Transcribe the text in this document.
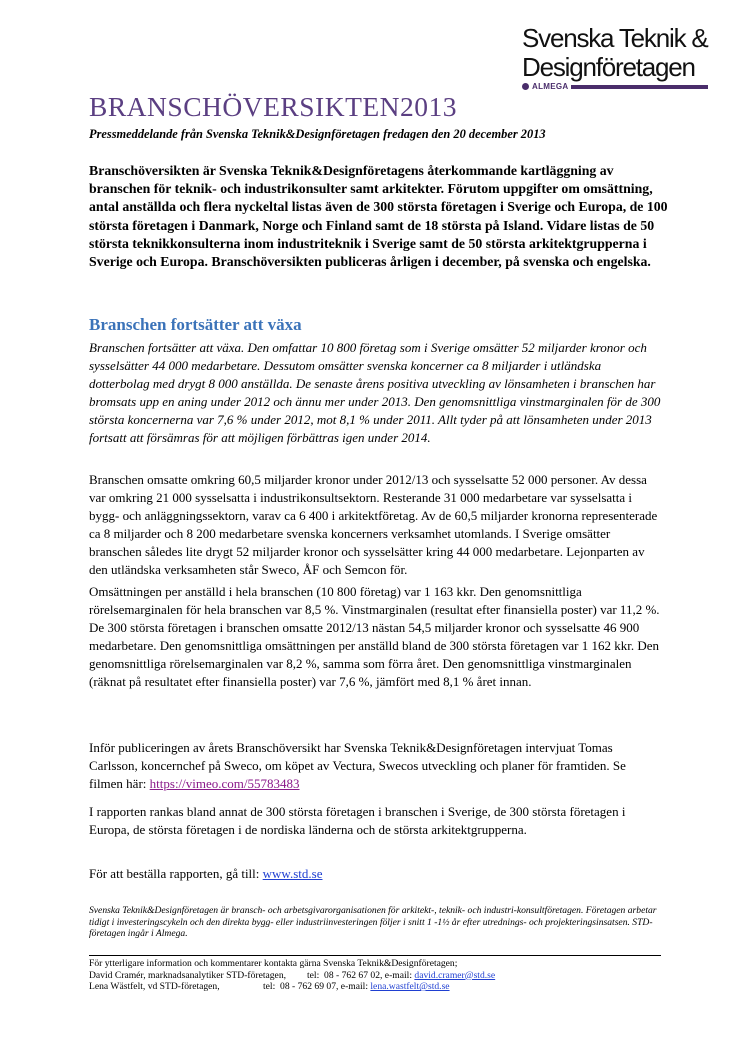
Svenska Teknik &
Designföretagen
ALMEGA
BRANSCHÖVERSIKTEN2013
Pressmeddelande från Svenska Teknik&Designföretagen fredagen den 20 december 2013
Branschöversikten är Svenska Teknik&Designföretagens återkommande kartläggning av branschen för teknik- och industrikonsulter samt arkitekter. Förutom uppgifter om omsättning, antal anställda och flera nyckeltal listas även de 300 största företagen i Sverige och Europa, de 100 största företagen i Danmark, Norge och Finland samt de 18 största på Island. Vidare listas de 50 största teknikkonsulterna inom industriteknik i Sverige samt de 50 största arkitektgrupperna i Sverige och Europa. Branschöversikten publiceras årligen i december, på svenska och engelska.
Branschen fortsätter att växa
Branschen fortsätter att växa. Den omfattar 10 800 företag som i Sverige omsätter 52 miljarder kronor och sysselsätter 44 000 medarbetare. Dessutom omsätter svenska koncerner ca 8 miljarder i utländska dotterbolag med drygt 8 000 anställda. De senaste årens positiva utveckling av lönsamheten i branschen har bromsats upp en aning under 2012 och ännu mer under 2013. Den genomsnittliga vinstmarginalen för de 300 största koncernerna var 7,6 % under 2012, mot 8,1 % under 2011. Allt tyder på att lönsamheten under 2013 fortsatt att försämras för att möjligen förbättras igen under 2014.
Branschen omsatte omkring 60,5 miljarder kronor under 2012/13 och sysselsatte 52 000 personer. Av dessa var omkring 21 000 sysselsatta i industrikonsultsektorn. Resterande 31 000 medarbetare var sysselsatta i bygg- och anläggningssektorn, varav ca 6 400 i arkitektföretag. Av de 60,5 miljarder kronorna representerade ca 8 miljarder och 8 200 medarbetare svenska koncerners verksamhet utomlands. I Sverige omsätter branschen således lite drygt 52 miljarder kronor och sysselsätter kring 44 000 medarbetare. Lejonparten av den utländska verksamheten står Sweco, ÅF och Semcon för.
Omsättningen per anställd i hela branschen (10 800 företag) var 1 163 kkr. Den genomsnittliga rörelsemarginalen för hela branschen var 8,5 %. Vinstmarginalen (resultat efter finansiella poster) var 11,2 %. De 300 största företagen i branschen omsatte 2012/13 nästan 54,5 miljarder kronor och sysselsatte 46 900 medarbetare. Den genomsnittliga omsättningen per anställd bland de 300 största företagen var 1 162 kkr. Den genomsnittliga rörelsemarginalen var 8,2 %, samma som förra året. Den genomsnittliga vinstmarginalen (räknat på resultatet efter finansiella poster) var 7,6 %, jämfört med 8,1 % året innan.
Inför publiceringen av årets Branschöversikt har Svenska Teknik&Designföretagen intervjuat Tomas Carlsson, koncernchef på Sweco, om köpet av Vectura, Swecos utveckling och planer för framtiden. Se filmen här: https://vimeo.com/55783483
I rapporten rankas bland annat de 300 största företagen i branschen i Sverige, de 300 största företagen i Europa, de största företagen i de nordiska länderna och de största arkitektgrupperna.
För att beställa rapporten, gå till: www.std.se
Svenska Teknik&Designföretagen är bransch- och arbetsgivarorganisationen för arkitekt-, teknik- och industri-konsultföretagen. Företagen arbetar tidigt i investeringscykeln och den direkta bygg- eller industriinvesteringen följer i snitt 1 -1½ år efter utrednings- och projekteringsinsatsen. STD-företagen ingår i Almega.
För ytterligare information och kommentarer kontakta gärna Svenska Teknik&Designföretagen;
David Cramér, marknadsanalytiker STD-företagen, tel:  08 - 762 67 02, e-mail: david.cramer@std.se
Lena Wästfelt, vd STD-företagen,	tel:  08 - 762 69 07, e-mail: lena.wastfelt@std.se
